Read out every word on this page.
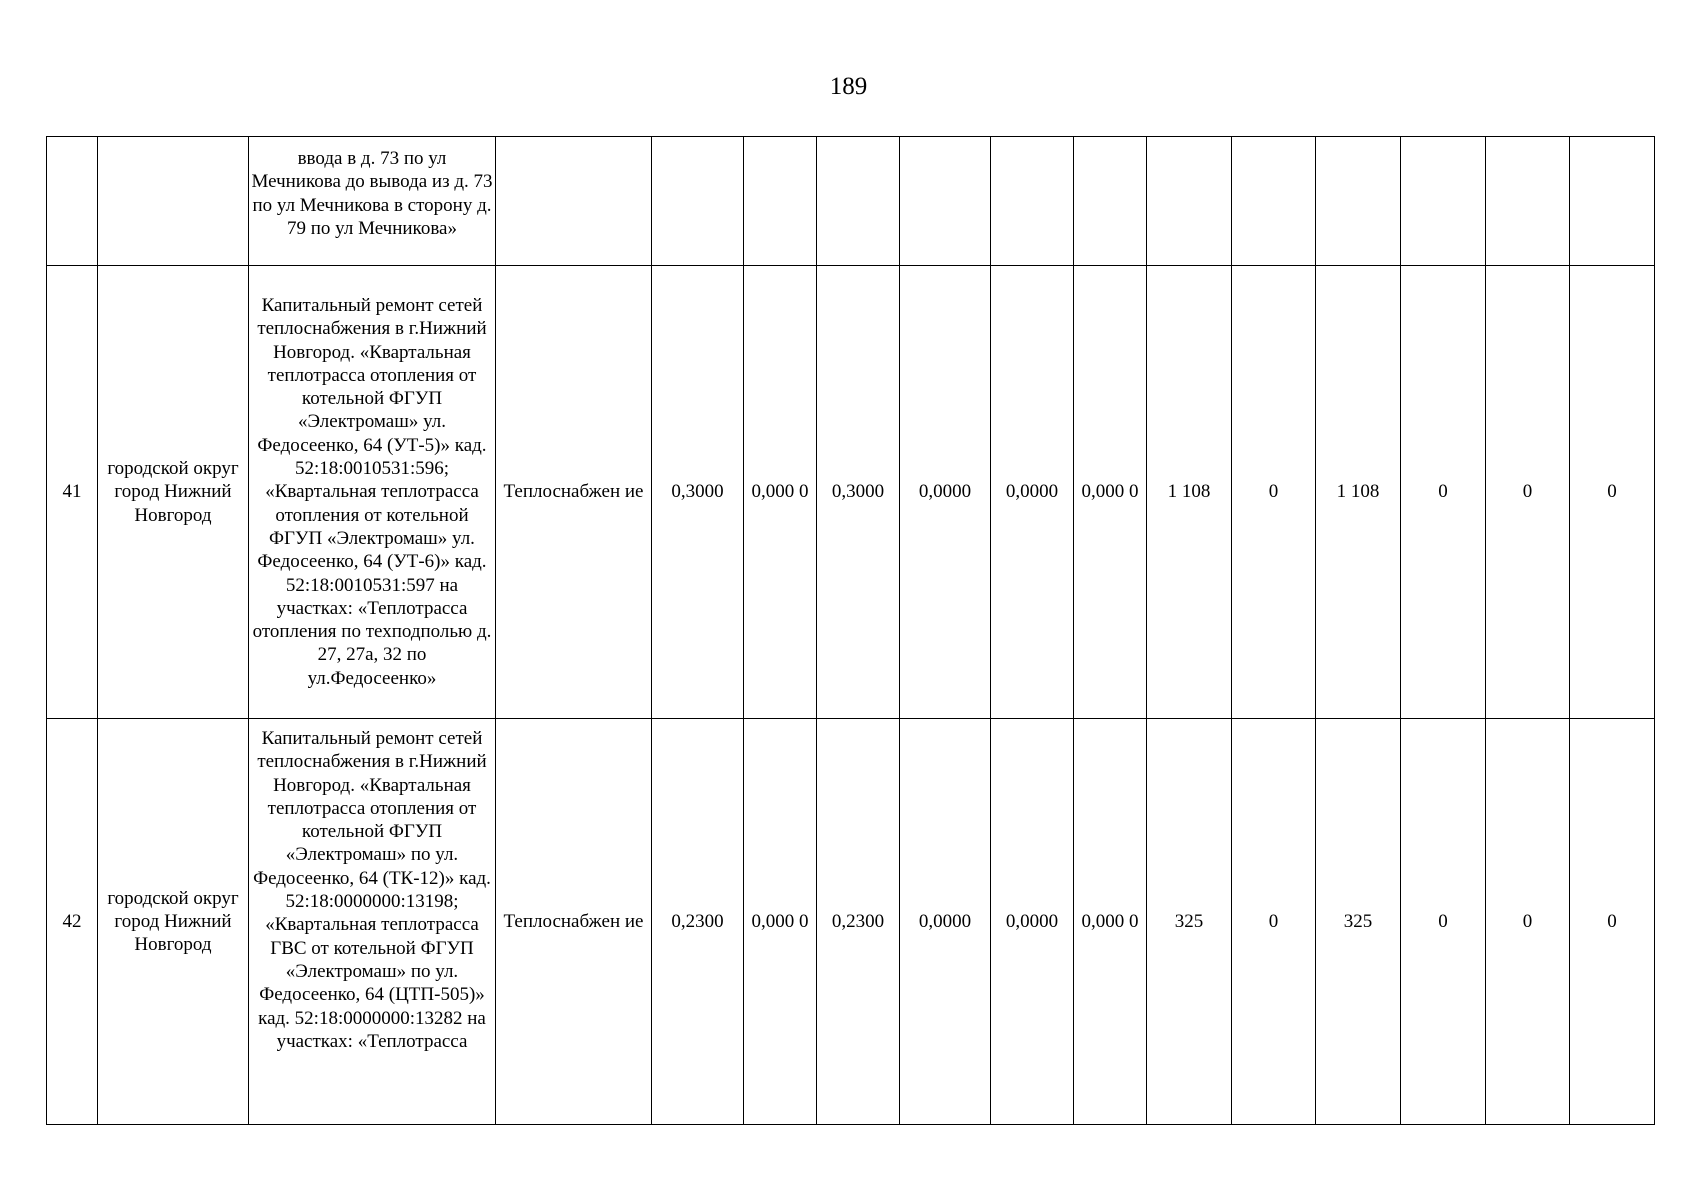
189
		ввода в д. 73 по ул Мечникова до вывода из д. 73 по ул Мечникова в сторону д. 79 по ул Мечникова»													
41	городской округ город Нижний Новгород	Капитальный ремонт сетей теплоснабжения в г.Нижний Новгород. «Квартальная теплотрасса отопления от котельной ФГУП «Электромаш» ул. Федосеенко, 64 (УТ-5)» кад. 52:18:0010531:596; «Квартальная теплотрасса отопления от котельной ФГУП «Электромаш» ул. Федосеенко, 64 (УТ-6)» кад. 52:18:0010531:597 на участках: «Теплотрасса отопления по техподполью д. 27, 27а, 32 по ул.Федосеенко»	Теплоснабжен ие	0,3000	0,000 0	0,3000	0,0000	0,0000	0,000 0	1 108	0	1 108	0	0	0
42	городской округ город Нижний Новгород	Капитальный ремонт сетей теплоснабжения в г.Нижний Новгород. «Квартальная теплотрасса отопления от котельной ФГУП «Электромаш» по ул. Федосеенко, 64 (ТК-12)» кад. 52:18:0000000:13198; «Квартальная теплотрасса ГВС от котельной ФГУП «Электромаш» по ул. Федосеенко, 64 (ЦТП-505)» кад. 52:18:0000000:13282 на участках: «Теплотрасса	Теплоснабжен ие	0,2300	0,000 0	0,2300	0,0000	0,0000	0,000 0	325	0	325	0	0	0
